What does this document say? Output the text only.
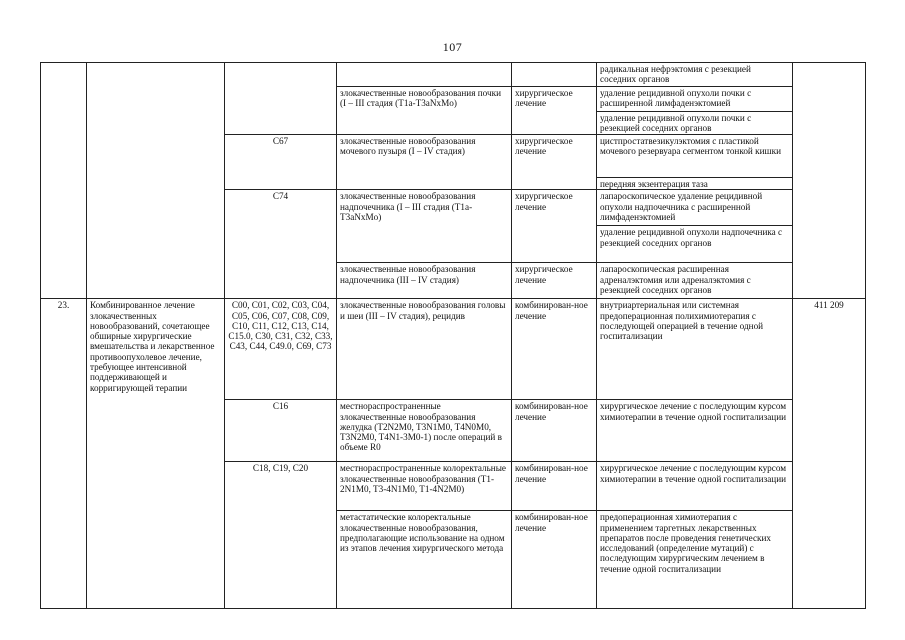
107
					радикальная нефрэктомия с резекцией соседних органов	
			злокачественные новообразования почки (I – III стадия (T1a-T3aNxMo)	хирургическое лечение	удаление рецидивной опухоли почки с расширенной лимфаденэктомией	
					удаление рецидивной опухоли почки с резекцией соседних органов	
		C67	злокачественные новообразования мочевого пузыря (I – IV стадия)	хирургическое лечение	цистпростатвезикулэктомия с пластикой мочевого резервуара сегментом тонкой кишки	
					передняя экзентерация таза	
		C74	злокачественные новообразования надпочечника (I – III стадия (T1a-T3aNxMo)	хирургическое лечение	лапароскопическое удаление рецидивной опухоли надпочечника с расширенной лимфаденэктомией	
					удаление рецидивной опухоли надпочечника с резекцией соседних органов	
			злокачественные новообразования надпочечника (III – IV стадия)	хирургическое лечение	лапароскопическая расширенная адреналэктомия или адреналэктомия с резекцией соседних органов	
23.	Комбинированное лечение злокачественных новообразований, сочетающее обширные хирургические вмешательства и лекарственное противоопухолевое лечение, требующее интенсивной поддерживающей и корригирующей терапии	C00, C01, C02, C03, C04, C05, C06, C07, C08, C09, C10, C11, C12, C13, C14, C15.0, C30, C31, C32, C33, C43, C44, C49.0, C69, C73	злокачественные новообразования головы и шеи (III – IV стадия), рецидив	комбинирован-ное лечение	внутриартериальная или системная предоперационная полихимиотерапия с последующей операцией в течение одной госпитализации	411 209
		C16	местнораспространенные злокачественные новообразования желудка (T2N2M0, T3N1M0, T4N0M0, T3N2M0, T4N1-3M0-1) после операций в объеме R0	комбинирован-ное лечение	хирургическое лечение с последующим курсом химиотерапии в течение одной госпитализации	
		C18, C19, C20	местнораспространенные колоректальные злокачественные новообразования (T1-2N1M0, T3-4N1M0, T1-4N2M0)	комбинирован-ное лечение	хирургическое лечение с последующим курсом химиотерапии в течение одной госпитализации	
			метастатические колоректальные злокачественные новообразования, предполагающие использование на одном из этапов лечения хирургического метода	комбинирован-ное лечение	предоперационная химиотерапия с применением таргетных лекарственных препаратов после проведения генетических исследований (определение мутаций) с последующим хирургическим лечением в течение одной госпитализации	
